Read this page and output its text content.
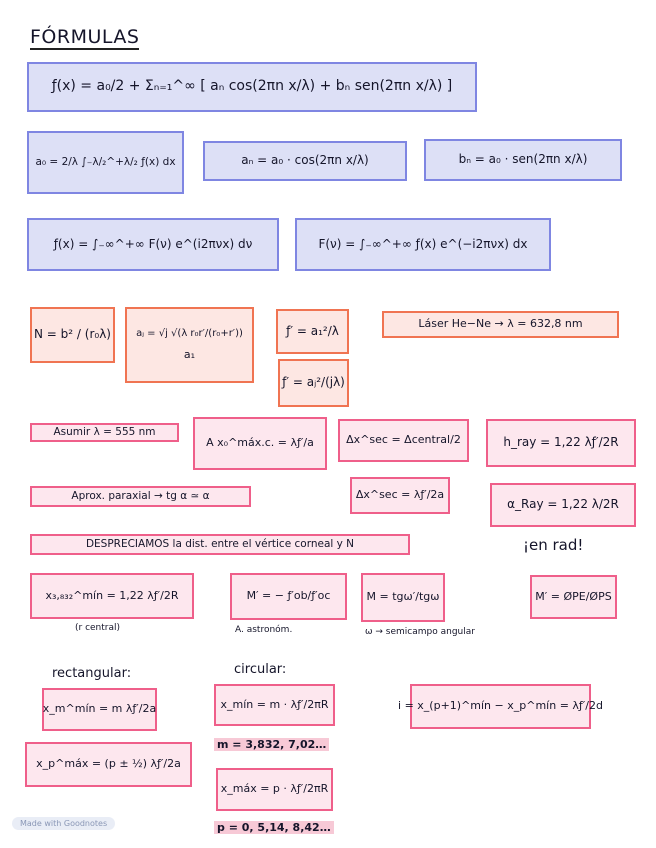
FÓRMULAS
ƒ(x) = a₀/2 + Σₙ₌₁^∞ [ aₙ cos(2πn x/λ) + bₙ sen(2πn x/λ) ]
a₀ = 2/λ ∫₋λ/₂^+λ/₂ ƒ(x) dx	aₙ = a₀ · cos(2πn x/λ)	bₙ = a₀ · sen(2πn x/λ)
ƒ(x) = ∫₋∞^+∞ F(ν) e^(i2πνx) dν	F(ν) = ∫₋∞^+∞ ƒ(x) e^(−i2πνx) dx
N = b² / (r₀λ)	aⱼ = √j √(λ r₀r′/(r₀+r′))
a₁
ƒ′ = a₁²/λ
ƒ′ = aⱼ²/(jλ)
Láser He−Ne → λ = 632,8 nm
Asumir λ = 555 nm
A x₀^máx.c. = λƒ′/a	Δx^sec = Δcentral/2	h_ray = 1,22 λƒ′/2R
Aprox. paraxial → tg α ≃ α	Δx^sec = λƒ′/2a
α_Ray = 1,22 λ/2R
DESPRECIAMOS la dist. entre el vértice corneal y N	¡en rad!
x₃,₈₃₂^mín = 1,22 λƒ′/2R
(r central)
M′ = − ƒ′ob/ƒ′oc
A. astronóm.
M = tgω′/tgω
ω → semicampo angular
M′ = ØPE/ØPS
rectangular:	circular:
x_m^mín = m λƒ′/2a	x_mín = m · λƒ′/2πR
m = 3,832, 7,02…
i = x_(p+1)^mín − x_p^mín = λƒ′/2d
x_p^máx = (p ± ½) λƒ′/2a
x_máx = p · λƒ′/2πR
p = 0, 5,14, 8,42…
Made with Goodnotes
